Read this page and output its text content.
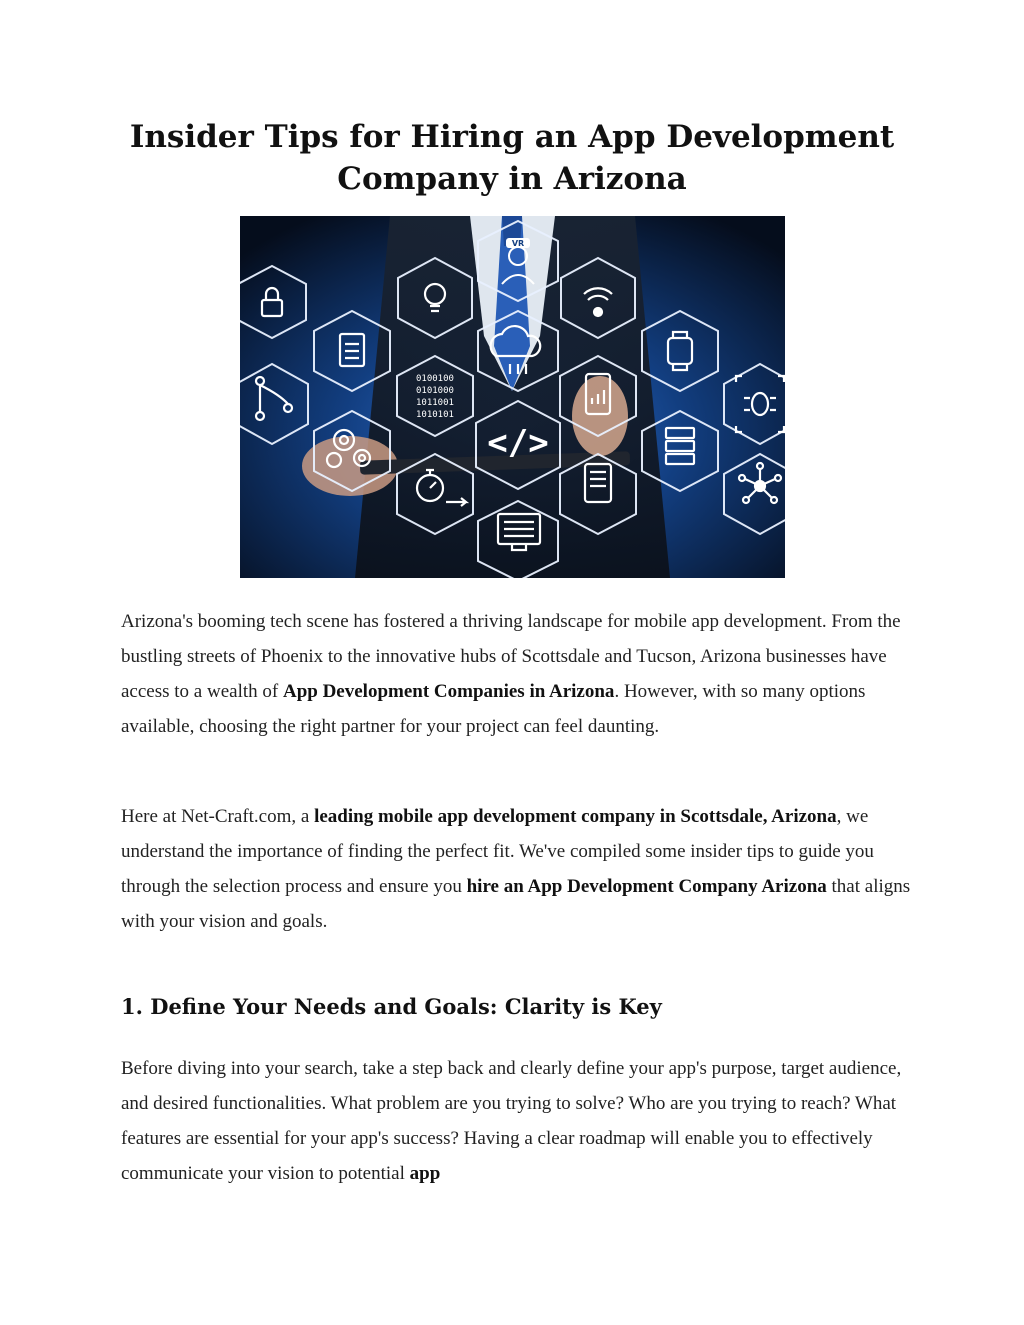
Insider Tips for Hiring an App Development
Company in Arizona
0100100
0101000
1011001
1010101
VR
</>
Arizona's booming tech scene has fostered a thriving landscape for mobile app development. From the bustling streets of Phoenix to the innovative hubs of Scottsdale and Tucson, Arizona businesses have access to a wealth of App Development Companies in Arizona. However, with so many options available, choosing the right partner for your project can feel daunting.
Here at Net-Craft.com, a leading mobile app development company in Scottsdale, Arizona, we understand the importance of finding the perfect fit. We've compiled some insider tips to guide you through the selection process and ensure you hire an App Development Company Arizona that aligns with your vision and goals.
1. Define Your Needs and Goals: Clarity is Key
Before diving into your search, take a step back and clearly define your app's purpose, target audience, and desired functionalities. What problem are you trying to solve? Who are you trying to reach? What features are essential for your app's success? Having a clear roadmap will enable you to effectively communicate your vision to potential app
